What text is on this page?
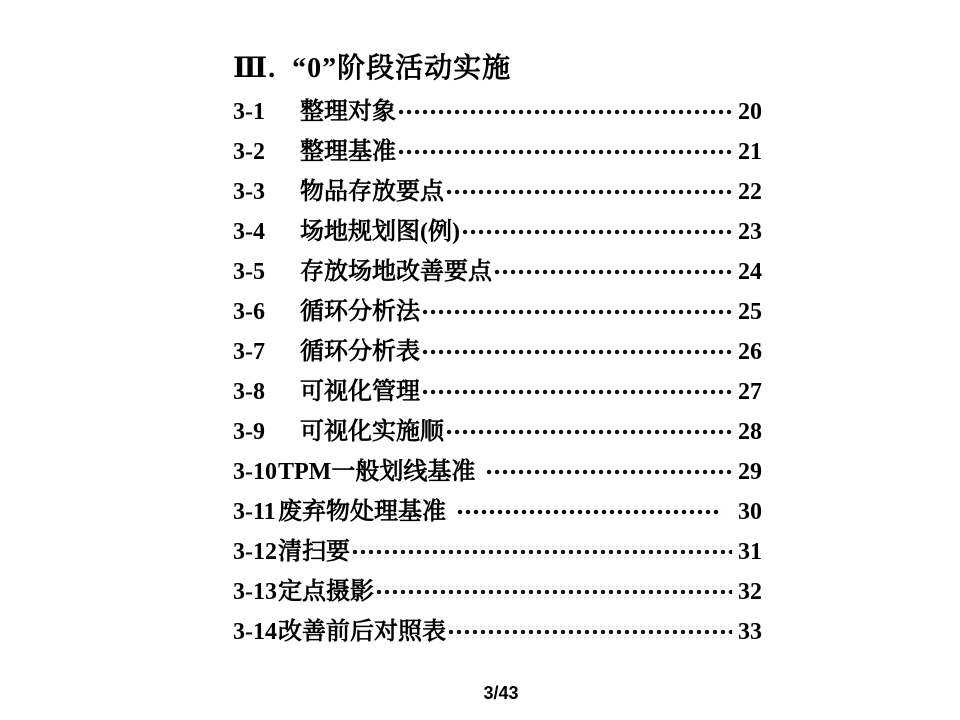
Ⅲ.  “0”阶段活动实施
3-1	整理对象	20
3-2	整理基准	21
3-3	物品存放要点	22
3-4	场地规划图(例)	23
3-5	存放场地改善要点	24
3-6	循环分析法	25
3-7	循环分析表	26
3-8	可视化管理	27
3-9	可视化实施顺	28
3-10 TPM一般划线基准	29
3-11 废弃物处理基准	30
3-12 清扫要	31
3-13 定点摄影	32
3-14 改善前后对照表	33
3/43
